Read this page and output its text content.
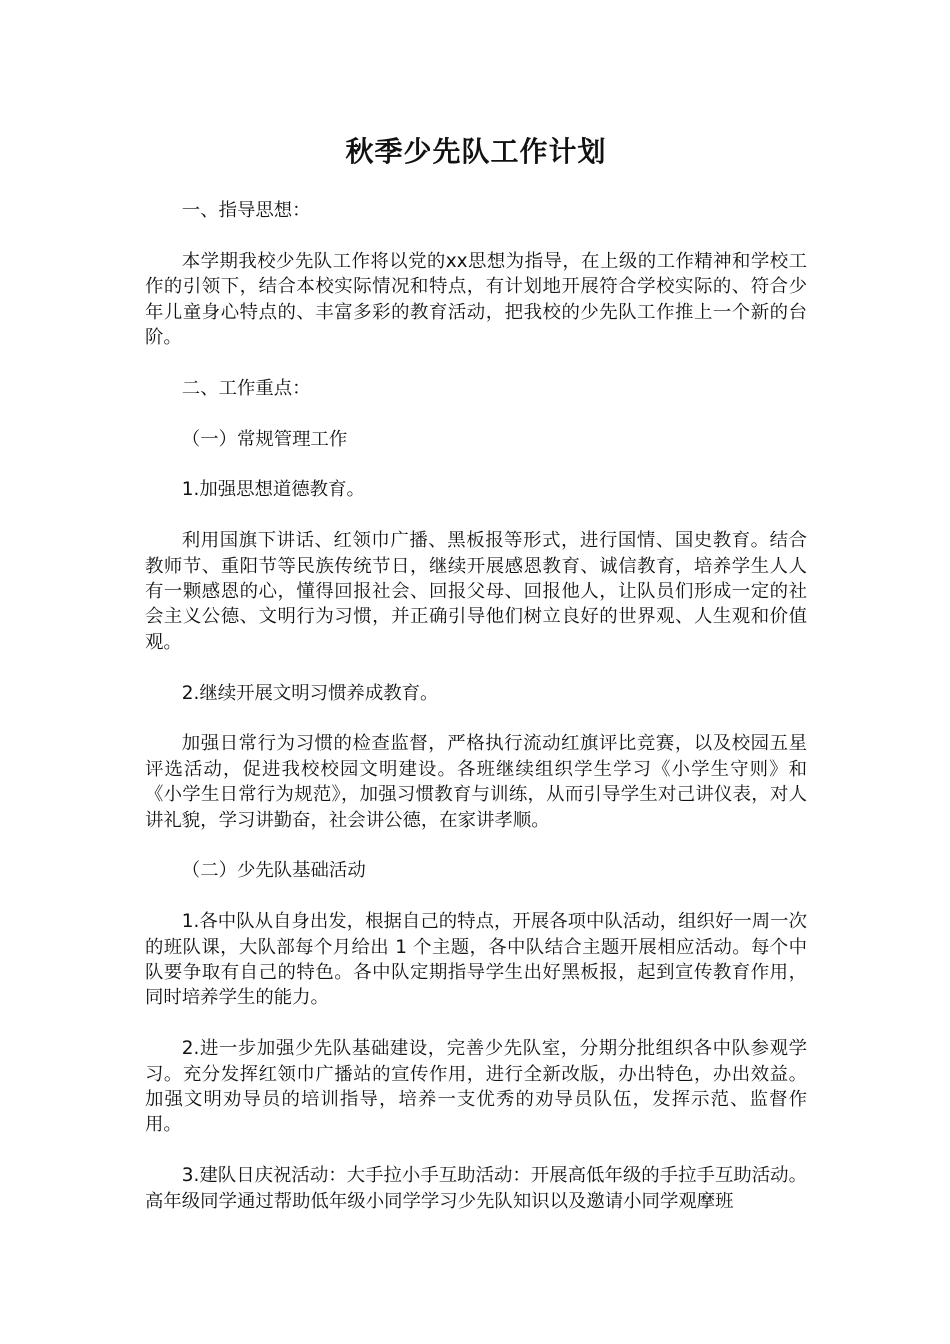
秋季少先队工作计划

一、指导思想：

本学期我校少先队工作将以党的xx思想为指导，在上级的工作精神和学校工作的引领下，结合本校实际情况和特点，有计划地开展符合学校实际的、符合少年儿童身心特点的、丰富多彩的教育活动，把我校的少先队工作推上一个新的台阶。

二、工作重点：

（一）常规管理工作

1.加强思想道德教育。

利用国旗下讲话、红领巾广播、黑板报等形式，进行国情、国史教育。结合教师节、重阳节等民族传统节日，继续开展感恩教育、诚信教育，培养学生人人有一颗感恩的心，懂得回报社会、回报父母、回报他人，让队员们形成一定的社会主义公德、文明行为习惯，并正确引导他们树立良好的世界观、人生观和价值观。

2.继续开展文明习惯养成教育。

加强日常行为习惯的检查监督，严格执行流动红旗评比竞赛，以及校园五星评选活动，促进我校校园文明建设。各班继续组织学生学习《小学生守则》和《小学生日常行为规范》，加强习惯教育与训练，从而引导学生对己讲仪表，对人讲礼貌，学习讲勤奋，社会讲公德，在家讲孝顺。

（二）少先队基础活动

1.各中队从自身出发，根据自己的特点，开展各项中队活动，组织好一周一次的班队课，大队部每个月给出 1 个主题，各中队结合主题开展相应活动。每个中队要争取有自己的特色。各中队定期指导学生出好黑板报，起到宣传教育作用，同时培养学生的能力。

2.进一步加强少先队基础建设，完善少先队室，分期分批组织各中队参观学习。充分发挥红领巾广播站的宣传作用，进行全新改版，办出特色，办出效益。加强文明劝导员的培训指导，培养一支优秀的劝导员队伍，发挥示范、监督作用。

3.建队日庆祝活动：大手拉小手互助活动：开展高低年级的手拉手互助活动。高年级同学通过帮助低年级小同学学习少先队知识以及邀请小同学观摩班
